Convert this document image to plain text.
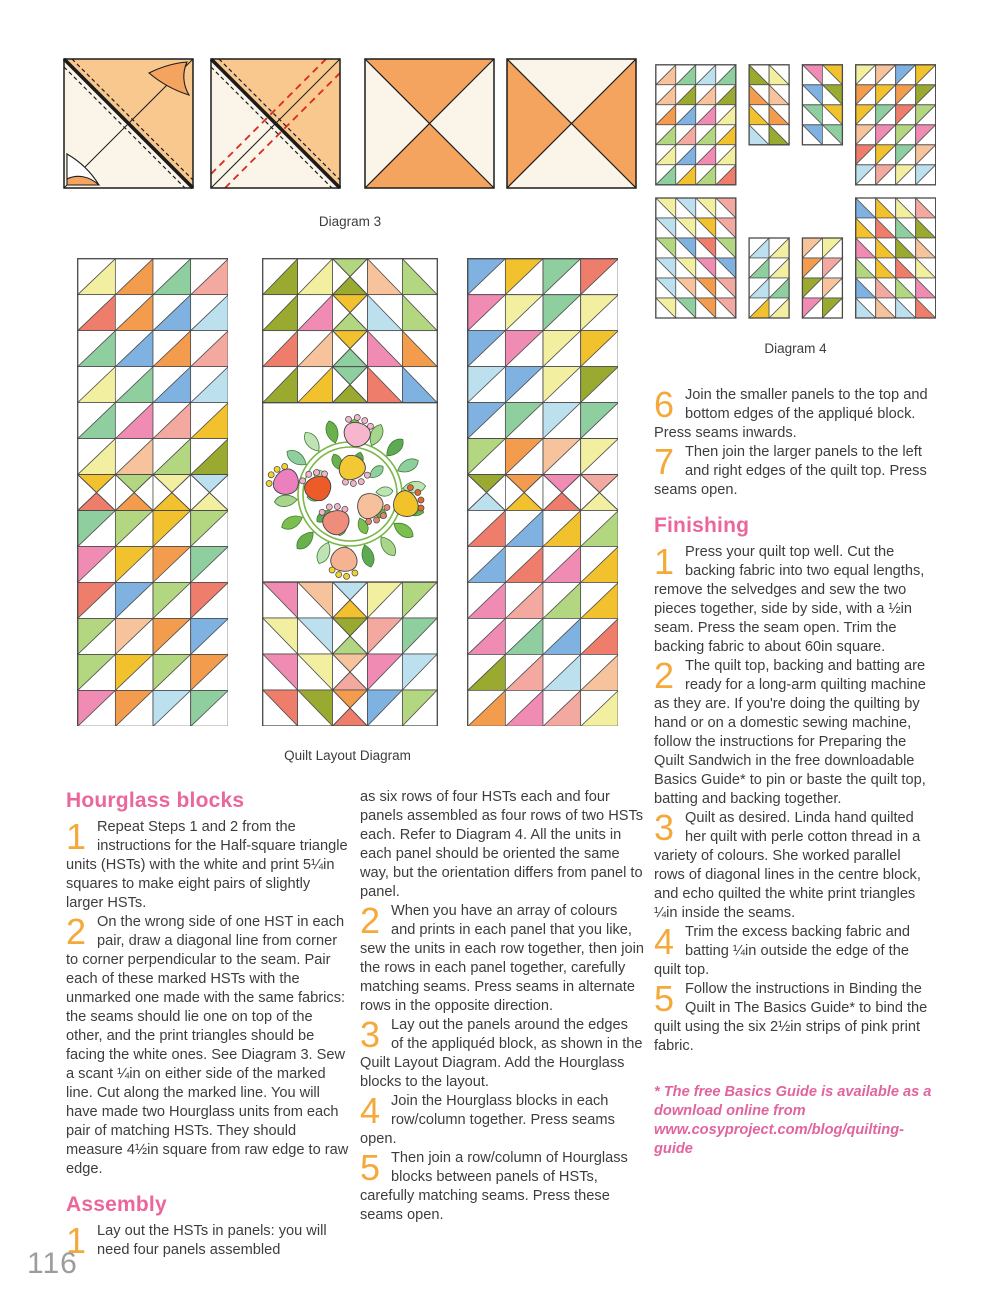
Diagram 3
Diagram 4
Quilt Layout Diagram
Hourglass blocks
1 Repeat Steps 1 and 2 from the instructions for the Half-square triangle units (HSTs) with the white and print 5¼in squares to make eight pairs of slightly larger HSTs.

2 On the wrong side of one HST in each pair, draw a diagonal line from corner to corner perpendicular to the seam. Pair each of these marked HSTs with the unmarked one made with the same fabrics: the seams should lie one on top of the other, and the print triangles should be facing the white ones. See Diagram 3. Sew a scant ¼in on either side of the marked line. Cut along the marked line. You will have made two Hourglass units from each pair of matching HSTs. They should measure 4½in square from raw edge to raw edge.

Assembly
1 Lay out the HSTs in panels: you will need four panels assembled

as six rows of four HSTs each and four panels assembled as four rows of two HSTs each. Refer to Diagram 4. All the units in each panel should be oriented the same way, but the orientation differs from panel to panel.

2 When you have an array of colours and prints in each panel that you like, sew the units in each row together, then join the rows in each panel together, carefully matching seams. Press seams in alternate rows in the opposite direction.

3 Lay out the panels around the edges of the appliquéd block, as shown in the Quilt Layout Diagram. Add the Hourglass blocks to the layout.

4 Join the Hourglass blocks in each row/column together. Press seams open.

5 Then join a row/column of Hourglass blocks between panels of HSTs, carefully matching seams. Press these seams open.

6 Join the smaller panels to the top and bottom edges of the appliqué block. Press seams inwards.

7 Then join the larger panels to the left and right edges of the quilt top. Press seams open.

Finishing
1 Press your quilt top well. Cut the backing fabric into two equal lengths, remove the selvedges and sew the two pieces together, side by side, with a ½in seam. Press the seam open. Trim the backing fabric to about 60in square.

2 The quilt top, backing and batting are ready for a long-arm quilting machine as they are. If you're doing the quilting by hand or on a domestic sewing machine, follow the instructions for Preparing the Quilt Sandwich in the free downloadable Basics Guide* to pin or baste the quilt top, batting and backing together.

3 Quilt as desired. Linda hand quilted her quilt with perle cotton thread in a variety of colours. She worked parallel rows of diagonal lines in the centre block, and echo quilted the white print triangles ¼in inside the seams.

4 Trim the excess backing fabric and batting ¼in outside the edge of the quilt top.

5 Follow the instructions in Binding the Quilt in The Basics Guide* to bind the quilt using the six 2½in strips of pink print fabric.

* The free Basics Guide is available as a download online from www.cosyproject.com/blog/quilting-guide

116
